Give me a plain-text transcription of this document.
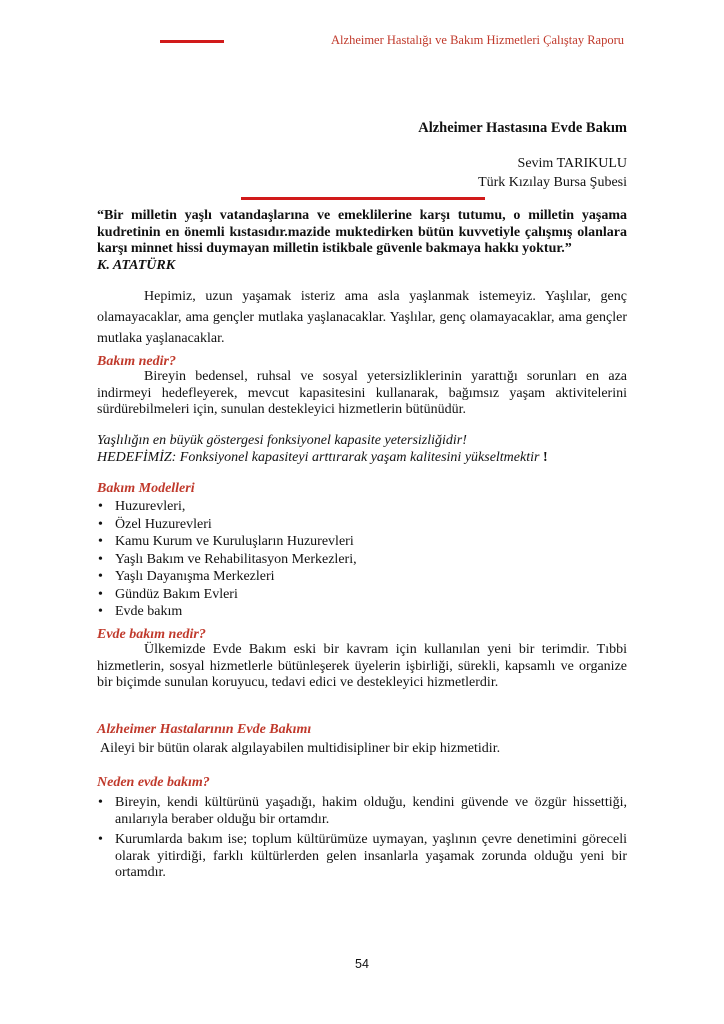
Alzheimer Hastalığı ve Bakım Hizmetleri Çalıştay Raporu
Alzheimer Hastasına Evde Bakım
Sevim TARIKULU
Türk Kızılay Bursa Şubesi
“Bir milletin yaşlı vatandaşlarına ve emeklilerine karşı tutumu, o milletin yaşama kudretinin en önemli kıstasıdır.mazide muktedirken bütün kuvvetiyle çalışmış olanlara karşı minnet hissi duymayan milletin istikbale güvenle bakmaya hakkı yoktur.”
K. ATATÜRK
Hepimiz, uzun yaşamak isteriz ama asla yaşlanmak istemeyiz. Yaşlılar, genç olamayacaklar, ama gençler mutlaka yaşlanacaklar. Yaşlılar, genç olamayacaklar, ama gençler mutlaka yaşlanacaklar.
Bakım nedir?
Bireyin bedensel, ruhsal ve sosyal yetersizliklerinin yarattığı sorunları en aza indirmeyi hedefleyerek, mevcut kapasitesini kullanarak, bağımsız yaşam aktivitelerini sürdürebilmeleri için, sunulan destekleyici hizmetlerin bütünüdür.
Yaşlılığın en büyük göstergesi fonksiyonel kapasite yetersizliğidir!
HEDEFİMİZ: Fonksiyonel kapasiteyi arttırarak yaşam kalitesini yükseltmektir !
Bakım Modelleri
• Huzurevleri,
• Özel Huzurevleri
• Kamu Kurum ve Kuruluşların Huzurevleri
• Yaşlı Bakım ve Rehabilitasyon Merkezleri,
• Yaşlı Dayanışma Merkezleri
• Gündüz Bakım Evleri
• Evde bakım
Evde bakım nedir?
Ülkemizde Evde Bakım eski bir kavram için kullanılan yeni bir terimdir. Tıbbi hizmetlerin, sosyal hizmetlerle bütünleşerek üyelerin işbirliği, sürekli, kapsamlı ve organize bir biçimde sunulan koruyucu, tedavi edici ve destekleyici hizmetlerdir.
Alzheimer Hastalarının Evde Bakımı
Aileyi bir bütün olarak algılayabilen multidisipliner bir ekip hizmetidir.
Neden evde bakım?
• Bireyin, kendi kültürünü yaşadığı, hakim olduğu, kendini güvende ve özgür hissettiği, anılarıyla beraber olduğu bir ortamdır.
• Kurumlarda bakım ise; toplum kültürümüze uymayan, yaşlının çevre denetimini göreceli olarak yitirdiği, farklı kültürlerden gelen insanlarla yaşamak zorunda olduğu yeni bir ortamdır.
54
